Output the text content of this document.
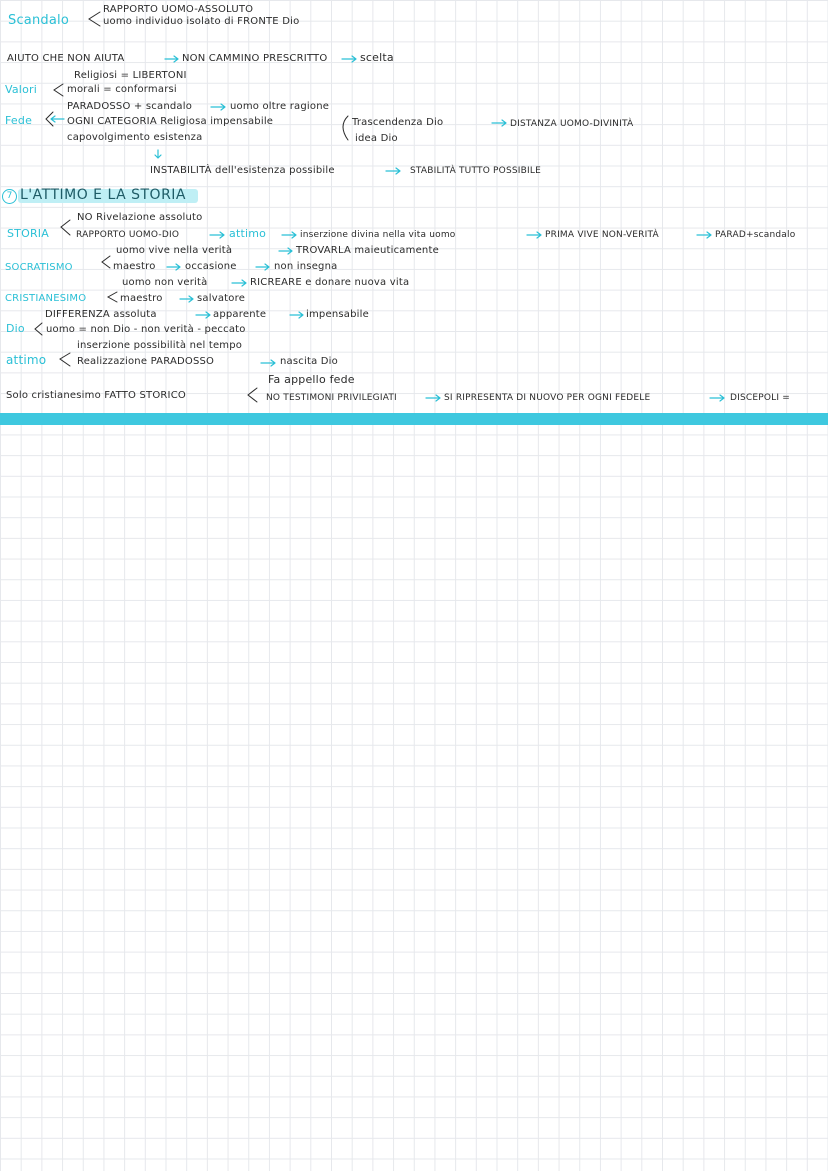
RAPPORTO UOMO-ASSOLUTO
Scandalo	uomo individuo isolato di FRONTE Dio
AIUTO CHE NON AIUTA	NON CAMMINO PRESCRITTO	scelta
Religiosi = LIBERTONI
Valori	morali = conformarsi
PARADOSSO + scandalo	uomo oltre ragione
Fede	OGNI CATEGORIA Religiosa impensabile	Trascendenza Dio	DISTANZA UOMO-DIVINITÀ
idea Dio
capovolgimento esistenza
INSTABILITÀ dell'esistenza possibile	STABILITÀ TUTTO POSSIBILE
7 L'ATTIMO E LA STORIA
NO Rivelazione assoluto
STORIA	RAPPORTO UOMO-DIO	attimo	inserzione divina nella vita uomo	PRIMA VIVE NON-VERITÀ	PARAD+scandalo
uomo vive nella verità	TROVARLA maieuticamente
SOCRATISMO	maestro	occasione	non insegna
uomo non verità	RICREARE e donare nuova vita
CRISTIANESIMO	maestro	salvatore
DIFFERENZA assoluta	apparente	impensabile
Dio uomo = non Dio - non verità - peccato
inserzione possibilità nel tempo
attimo	Realizzazione PARADOSSO	nascita Dio
Fa appello fede
Solo cristianesimo FATTO STORICO	NO TESTIMONI PRIVILEGIATI	SI RIPRESENTA DI NUOVO PER OGNI FEDELE	DISCEPOLI =
